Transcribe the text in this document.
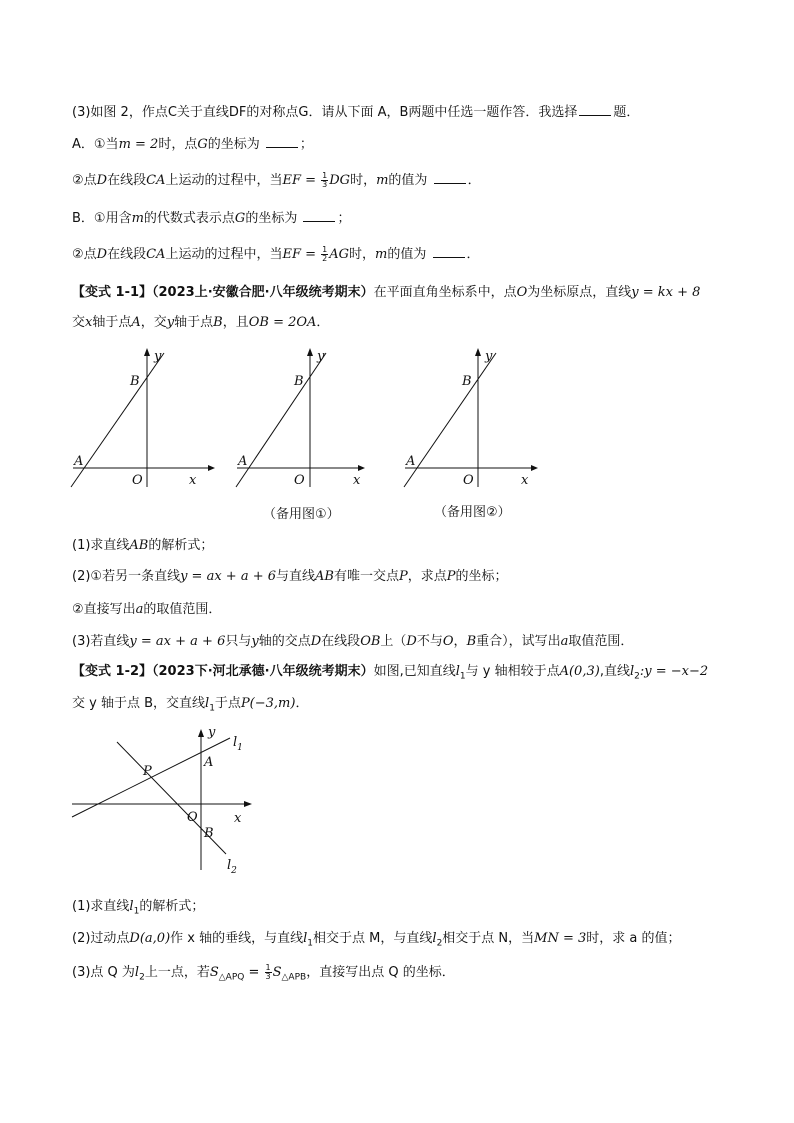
(3)如图 2，作点C关于直线DF的对称点G．请从下面 A，B两题中任选一题作答．我选择	题．
A．①当m = 2时，点G的坐标为	；
②点D在线段CA上运动的过程中，当EF = $\frac{1}{3}$ DG时，m的值为	．
B．①用含m的代数式表示点G的坐标为	；
②点D在线段CA上运动的过程中，当EF = $\frac{1}{2}$ AG时，m的值为	．
【变式 1-1】（2023上·安徽合肥·八年级统考期末）在平面直角坐标系中，点O为坐标原点，直线y = kx + 8
交x轴于点A，交y轴于点B，且OB = 2OA．
y
x
B
A
O
y
x
B
A
O
y
x
B
A
O
（备用图①）	（备用图②）
(1)求直线AB的解析式；
(2)①若另一条直线y = ax + a + 6与直线AB有唯一交点P，求点P的坐标；
②直接写出a的取值范围．
(3)若直线y = ax + a + 6只与y轴的交点D在线段OB上（D不与O，B重合），试写出a取值范围．
【变式 1-2】（2023下·河北承德·八年级统考期末）如图,已知直线$l_1$与 y 轴相较于点A(0,3),直线$l_2:y = -x-2$
交 y 轴于点 B，交直线$l_1$于点P(−3,m)．
y
x
$l_1$
$l_2$
P
A
O
B
(1)求直线$l_1$的解析式；
(2)过动点D(a,0)作 x 轴的垂线，与直线$l_1$相交于点 M，与直线$l_2$相交于点 N，当MN = 3时，求 a 的值；
(3)点 Q 为$l_2$上一点，若$S_{\triangle APQ} = \frac{1}{3} S_{\triangle APB}$，直接写出点 Q 的坐标．
